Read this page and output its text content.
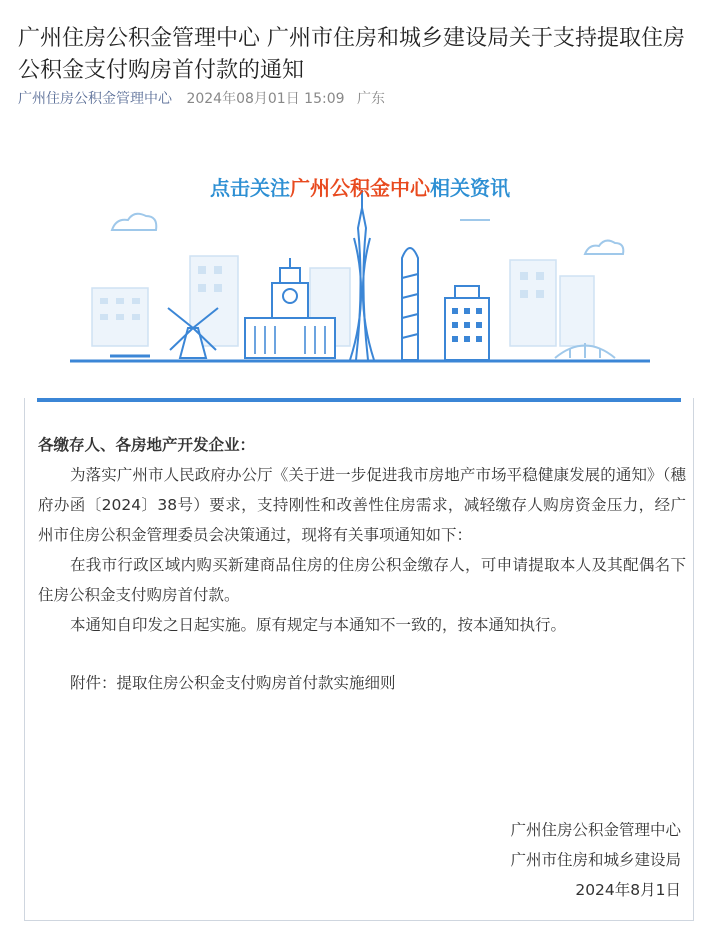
广州住房公积金管理中心 广州市住房和城乡建设局关于支持提取住房公积金支付购房首付款的通知
广州住房公积金管理中心 2024年08月01日 15:09 广东
点击关注广州公积金中心相关资讯

各缴存人、各房地产开发企业：

为落实广州市人民政府办公厅《关于进一步促进我市房地产市场平稳健康发展的通知》（穗府办函〔2024〕38号）要求，支持刚性和改善性住房需求，减轻缴存人购房资金压力，经广州市住房公积金管理委员会决策通过，现将有关事项通知如下：

在我市行政区域内购买新建商品住房的住房公积金缴存人，可申请提取本人及其配偶名下住房公积金支付购房首付款。

本通知自印发之日起实施。原有规定与本通知不一致的，按本通知执行。

附件：提取住房公积金支付购房首付款实施细则

广州住房公积金管理中心
广州市住房和城乡建设局
2024年8月1日
